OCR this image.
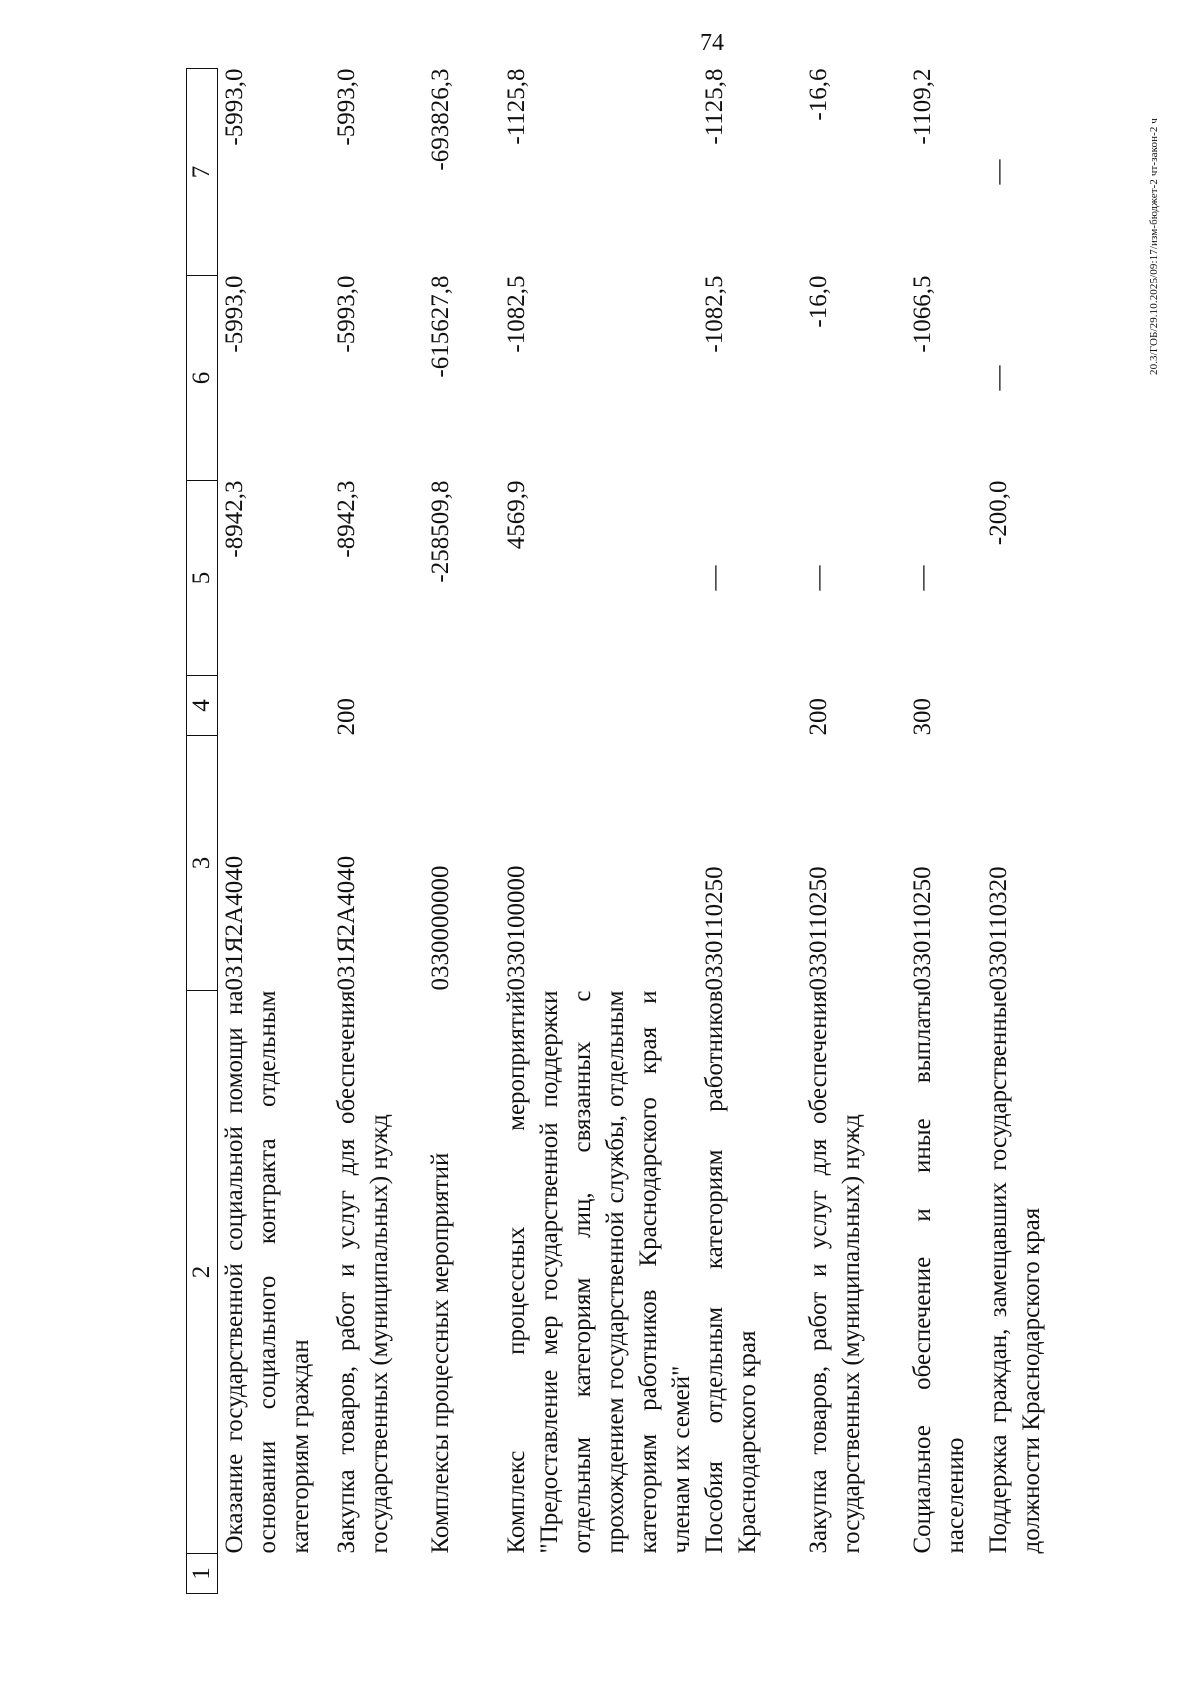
74
20.3/ГОБ/29.10.2025/09:17/изм-бюджет-2 чт-закон-2 ч
1	2	3	4	5	6	7
	Оказание государственной социальной помощи на основании социального контракта отдельным категориям граждан	031Я2А4040		-8942,3	-5993,0	-5993,0
	Закупка товаров, работ и услуг для обеспечения государственных (муниципальных) нужд	031Я2А4040	200	-8942,3	-5993,0	-5993,0
	Комплексы процессных мероприятий	0330000000		-258509,8	-615627,8	-693826,3
	Комплекс процессных мероприятий "Предоставление мер государственной поддержки отдельным категориям лиц, связанных с прохождением государственной службы, отдельным категориям работников Краснодарского края и членам их семей"	0330100000		4569,9	-1082,5	-1125,8
	Пособия отдельным категориям работников Краснодарского края	0330110250		—	-1082,5	-1125,8
	Закупка товаров, работ и услуг для обеспечения государственных (муниципальных) нужд	0330110250	200	—	-16,0	-16,6
	Социальное обеспечение и иные выплаты населению	0330110250	300	—	-1066,5	-1109,2
	Поддержка граждан, замещавших государственные должности Краснодарского края	0330110320		-200,0	—	—
